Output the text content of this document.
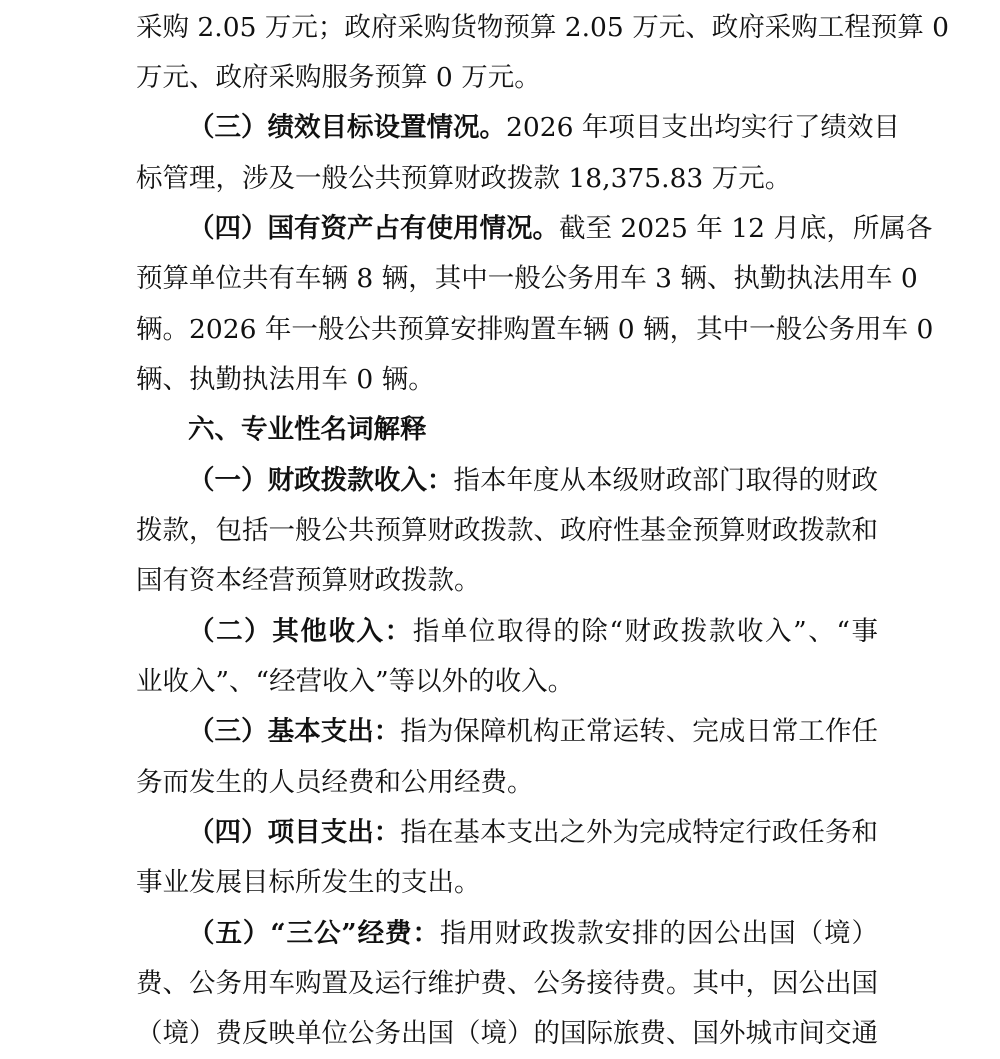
采购 2.05 万元；政府采购货物预算 2.05 万元、政府采购工程预算 0
万元、政府采购服务预算 0 万元。
（三）绩效目标设置情况。2026 年项目支出均实行了绩效目
标管理，涉及一般公共预算财政拨款 18,375.83 万元。
（四）国有资产占有使用情况。截至 2025 年 12 月底，所属各
预算单位共有车辆 8 辆，其中一般公务用车 3 辆、执勤执法用车 0
辆。2026 年一般公共预算安排购置车辆 0 辆，其中一般公务用车 0
辆、执勤执法用车 0 辆。
六、专业性名词解释
（一）财政拨款收入：指本年度从本级财政部门取得的财政
拨款，包括一般公共预算财政拨款、政府性基金预算财政拨款和
国有资本经营预算财政拨款。
（二）其他收入：指单位取得的除“财政拨款收入”、“事
业收入”、“经营收入”等以外的收入。
（三）基本支出：指为保障机构正常运转、完成日常工作任
务而发生的人员经费和公用经费。
（四）项目支出：指在基本支出之外为完成特定行政任务和
事业发展目标所发生的支出。
（五）“三公”经费：指用财政拨款安排的因公出国（境）
费、公务用车购置及运行维护费、公务接待费。其中，因公出国
（境）费反映单位公务出国（境）的国际旅费、国外城市间交通
